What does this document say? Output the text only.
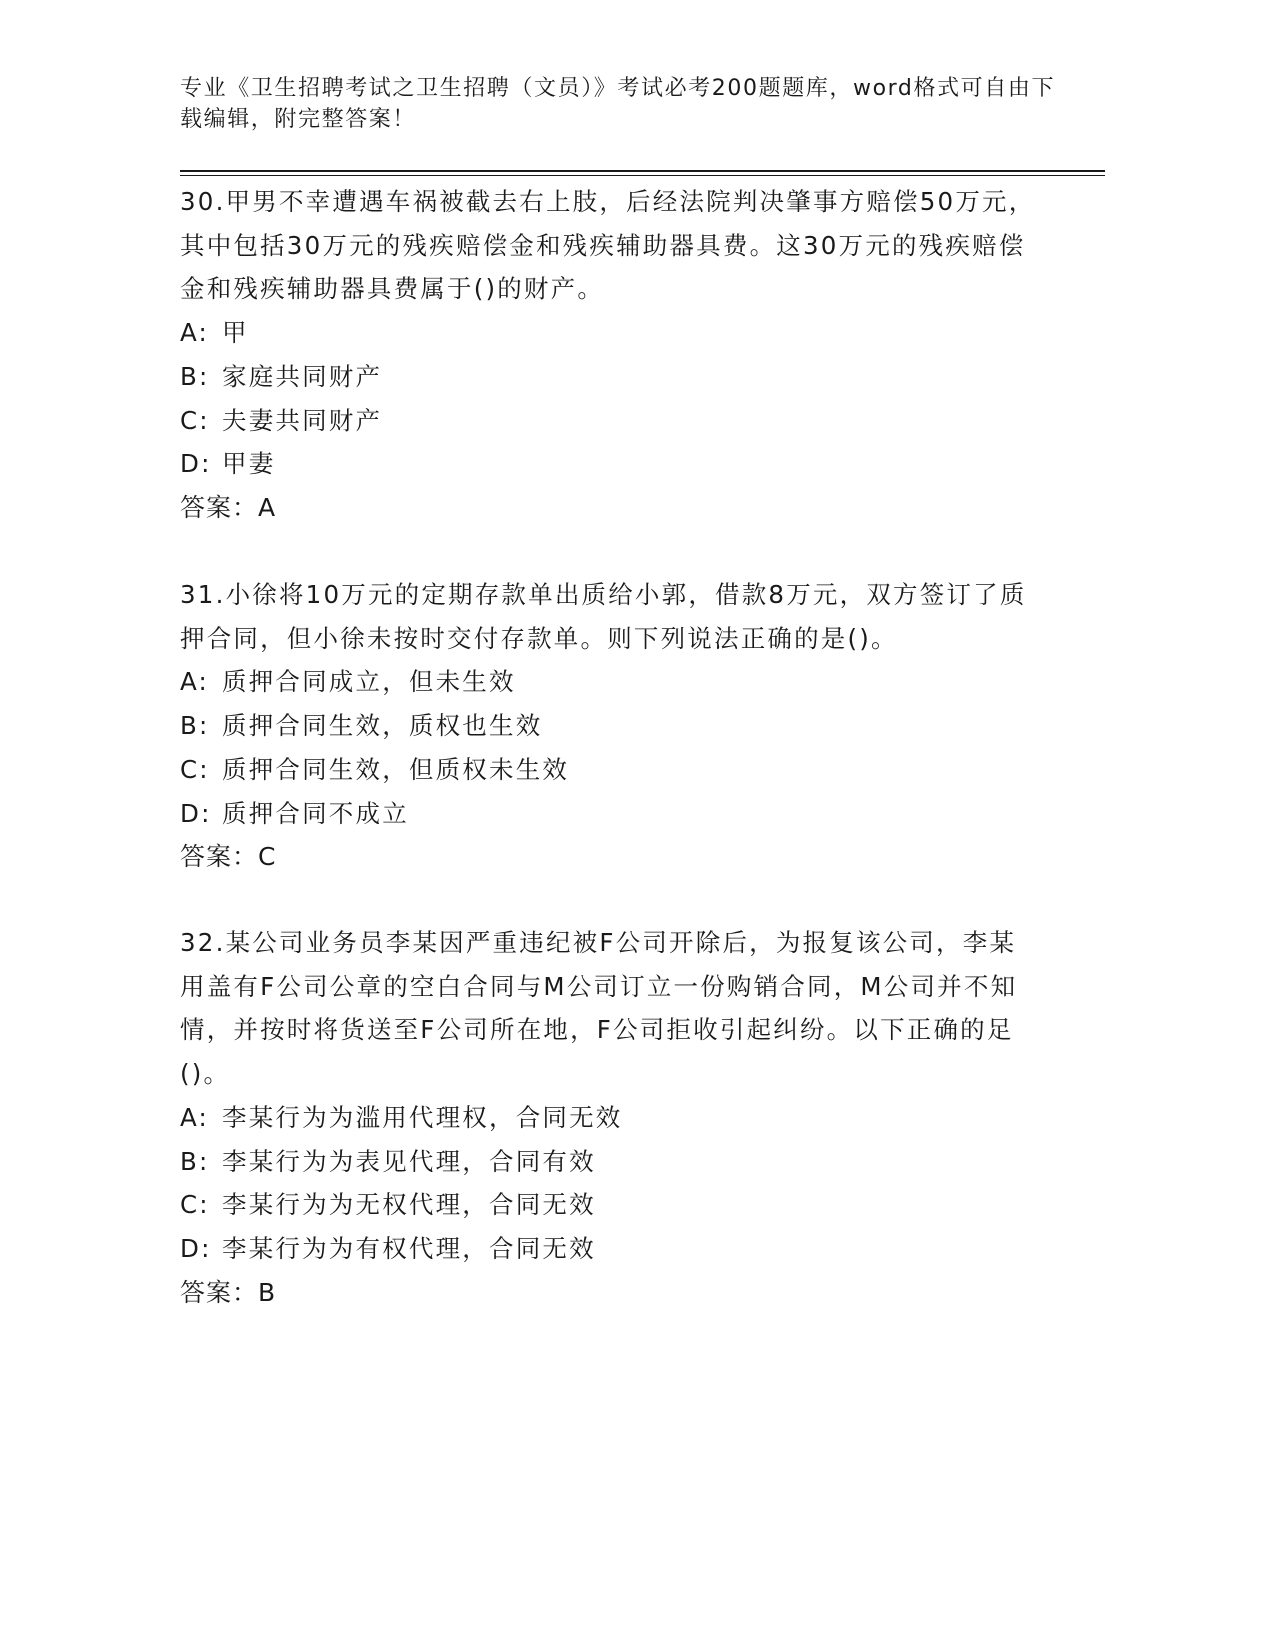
专业《卫生招聘考试之卫生招聘（文员）》考试必考200题题库，word格式可自由下载编辑，附完整答案！

30.甲男不幸遭遇车祸被截去右上肢，后经法院判决肇事方赔偿50万元，其中包括30万元的残疾赔偿金和残疾辅助器具费。这30万元的残疾赔偿金和残疾辅助器具费属于()的财产。

A: 甲

B: 家庭共同财产

C: 夫妻共同财产

D: 甲妻

答案：A

31.小徐将10万元的定期存款单出质给小郭，借款8万元，双方签订了质押合同，但小徐未按时交付存款单。则下列说法正确的是()。

A: 质押合同成立，但未生效

B: 质押合同生效，质权也生效

C: 质押合同生效，但质权未生效

D: 质押合同不成立

答案：C

32.某公司业务员李某因严重违纪被F公司开除后，为报复该公司，李某用盖有F公司公章的空白合同与M公司订立一份购销合同，M公司并不知情，并按时将货送至F公司所在地，F公司拒收引起纠纷。以下正确的足()。

A: 李某行为为滥用代理权，合同无效

B: 李某行为为表见代理，合同有效

C: 李某行为为无权代理，合同无效

D: 李某行为为有权代理，合同无效

答案：B
